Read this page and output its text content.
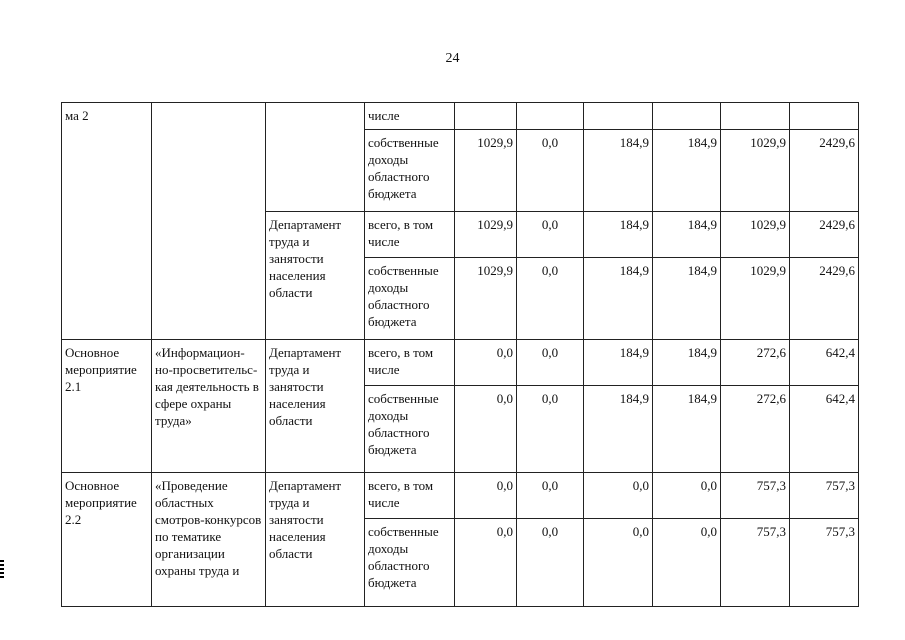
24
ма 2			числе						
			собственные доходы областного бюджета	1029,9	0,0	184,9	184,9	1029,9	2429,6
		Департамент труда и занятости населения области	всего, в том числе	1029,9	0,0	184,9	184,9	1029,9	2429,6
			собственные доходы областного бюджета	1029,9	0,0	184,9	184,9	1029,9	2429,6
Основное мероприятие 2.1	«Информацион-но-просветительс-кая деятельность в сфере охраны труда»	Департамент труда и занятости населения области	всего, в том числе	0,0	0,0	184,9	184,9	272,6	642,4
			собственные доходы областного бюджета	0,0	0,0	184,9	184,9	272,6	642,4
Основное мероприятие 2.2	«Проведение областных смотров-конкурсов по тематике организации охраны труда и	Департамент труда и занятости населения области	всего, в том числе	0,0	0,0	0,0	0,0	757,3	757,3
			собственные доходы областного бюджета	0,0	0,0	0,0	0,0	757,3	757,3
